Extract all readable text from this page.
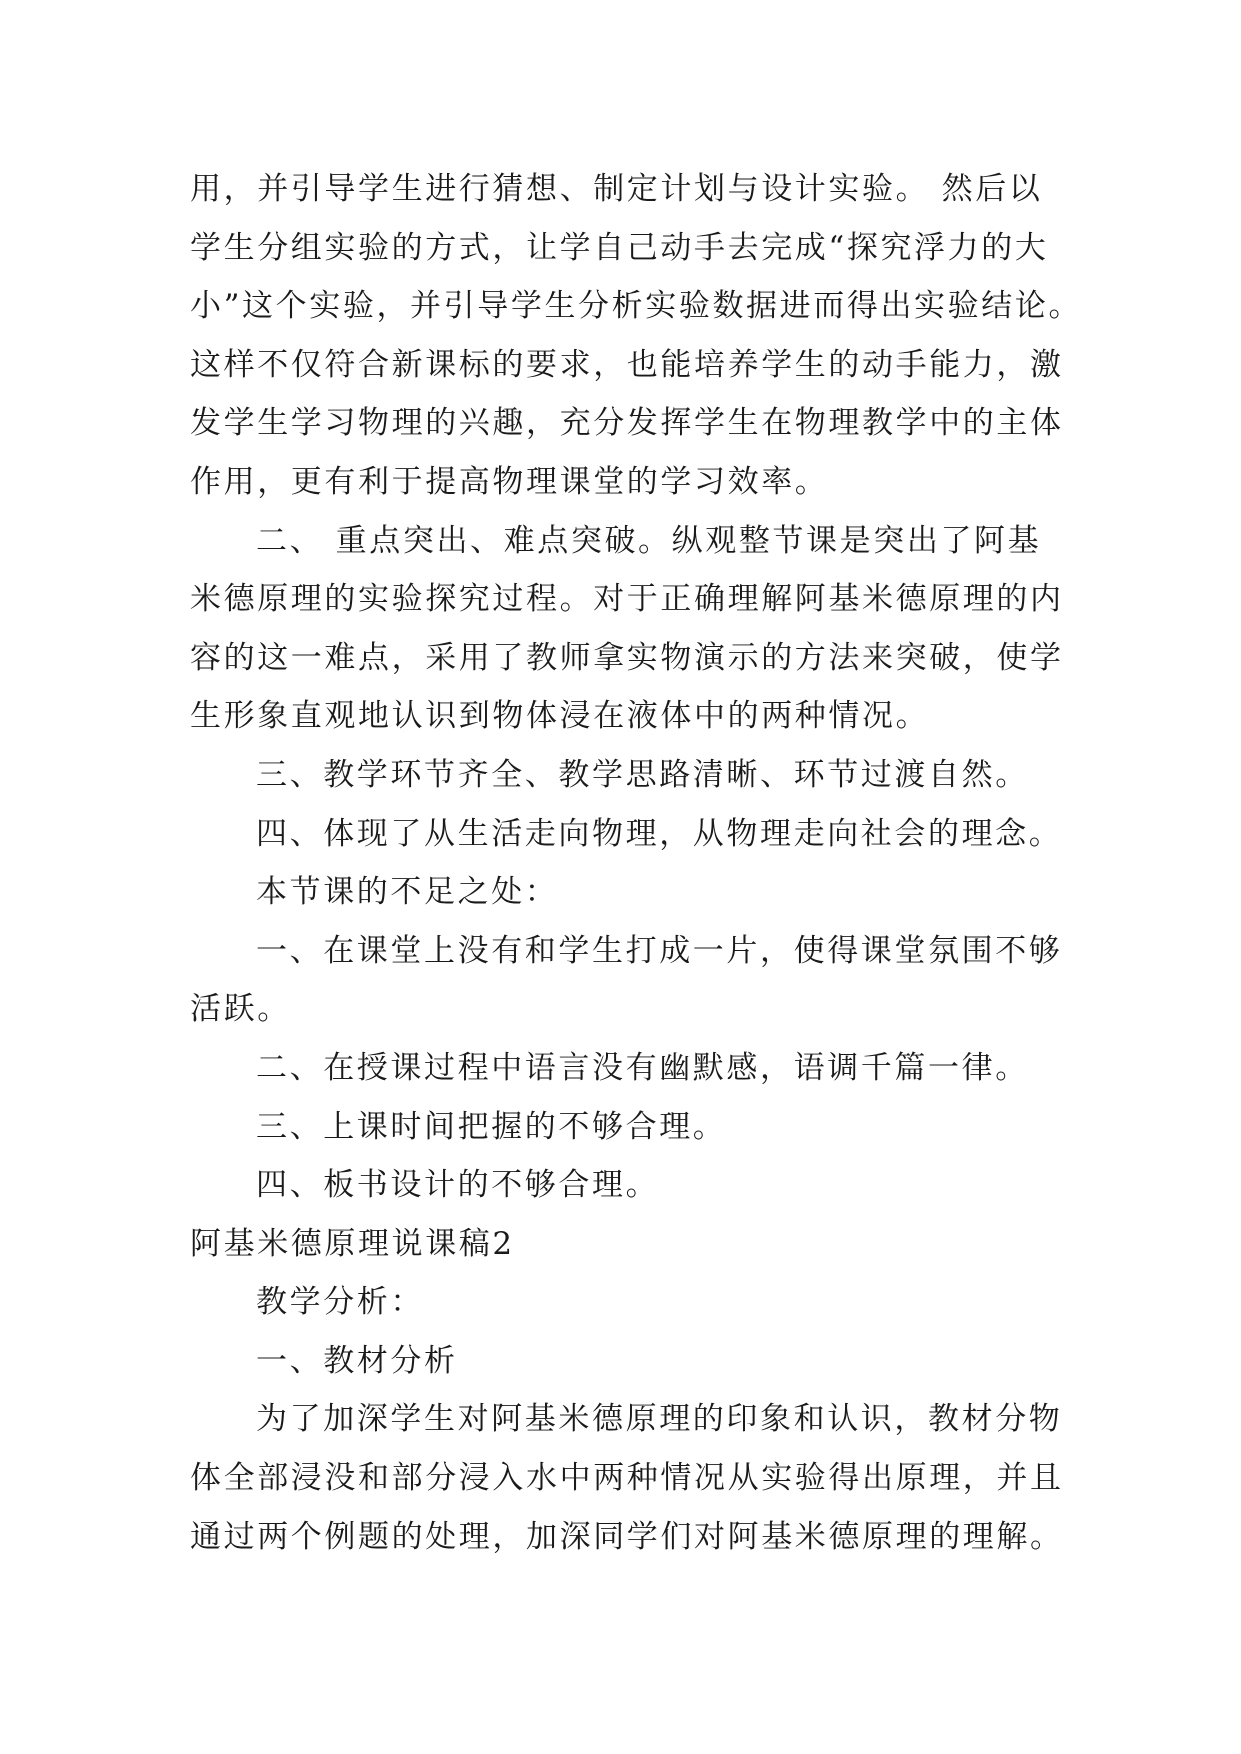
用，并引导学生进行猜想、制定计划与设计实验。 然后以
学生分组实验的方式，让学自己动手去完成“探究浮力的大
小”这个实验，并引导学生分析实验数据进而得出实验结论。
这样不仅符合新课标的要求，也能培养学生的动手能力，激
发学生学习物理的兴趣，充分发挥学生在物理教学中的主体
作用，更有利于提高物理课堂的学习效率。
二、 重点突出、难点突破。纵观整节课是突出了阿基
米德原理的实验探究过程。对于正确理解阿基米德原理的内
容的这一难点，采用了教师拿实物演示的方法来突破，使学
生形象直观地认识到物体浸在液体中的两种情况。
三、教学环节齐全、教学思路清晰、环节过渡自然。
四、体现了从生活走向物理，从物理走向社会的理念。
本节课的不足之处：
一、在课堂上没有和学生打成一片，使得课堂氛围不够
活跃。
二、在授课过程中语言没有幽默感，语调千篇一律。
三、上课时间把握的不够合理。
四、板书设计的不够合理。
阿基米德原理说课稿2
教学分析：
一、教材分析
为了加深学生对阿基米德原理的印象和认识，教材分物
体全部浸没和部分浸入水中两种情况从实验得出原理，并且
通过两个例题的处理，加深同学们对阿基米德原理的理解。
